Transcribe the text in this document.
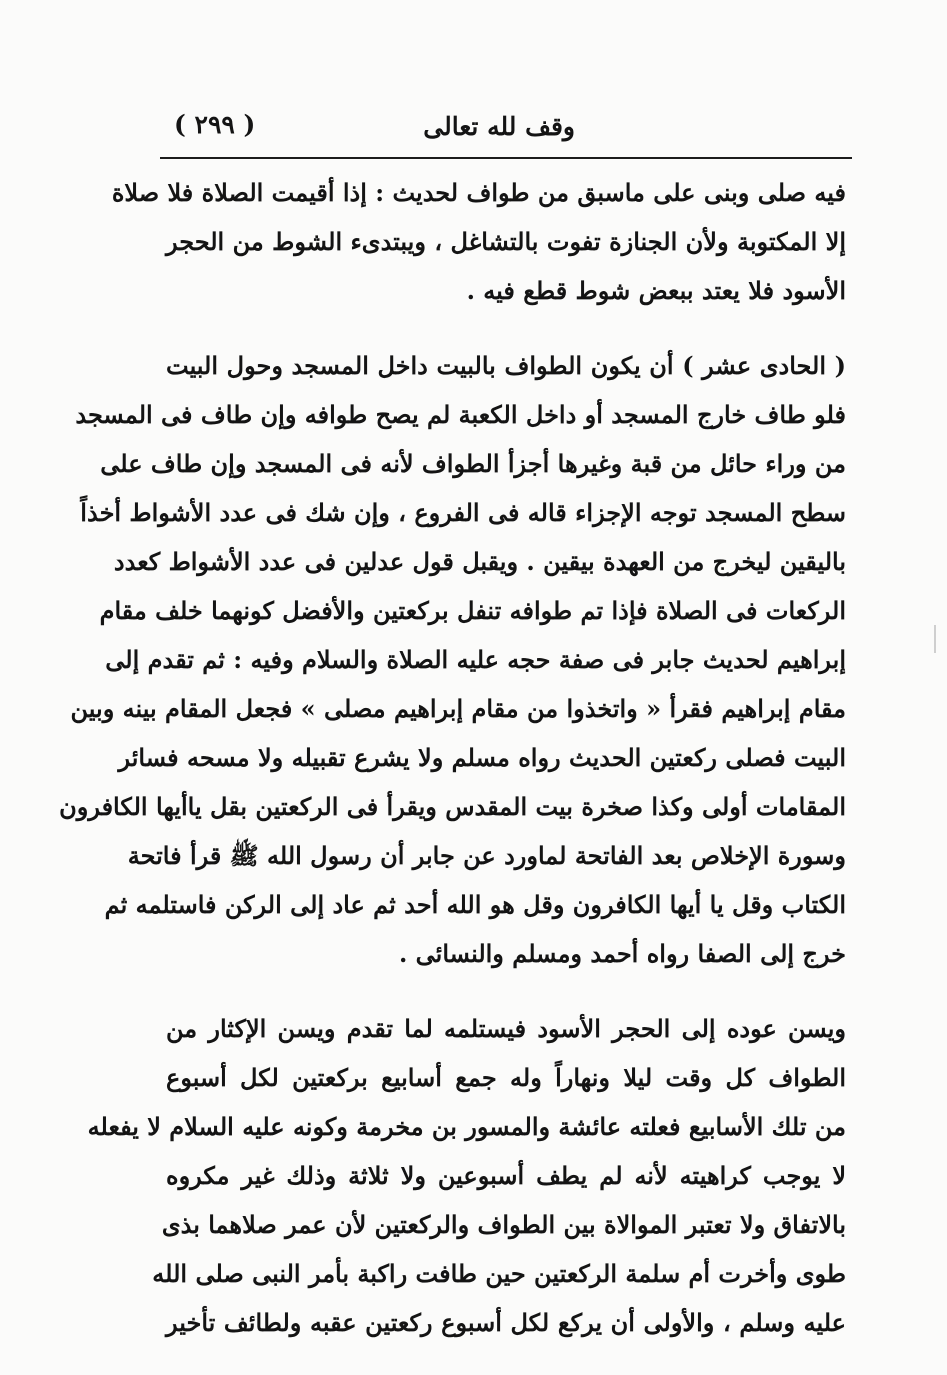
وقف لله تعالى
( ٢٩٩ )
فيه صلى وبنى على ماسبق من طواف لحديث : إذا أقيمت الصلاة فلا صلاة
إلا المكتوبة ولأن الجنازة تفوت بالتشاغل ، ويبتدىء الشوط من الحجر
الأسود فلا يعتد ببعض شوط قطع فيه .
( الحادى عشر ) أن يكون الطواف بالبيت داخل المسجد وحول البيت
فلو طاف خارج المسجد أو داخل الكعبة لم يصح طوافه وإن طاف فى المسجد
من وراء حائل من قبة وغيرها أجزأ الطواف لأنه فى المسجد وإن طاف على
سطح المسجد توجه الإجزاء قاله فى الفروع ، وإن شك فى عدد الأشواط أخذاً
باليقين ليخرج من العهدة بيقين . ويقبل قول عدلين فى عدد الأشواط كعدد
الركعات فى الصلاة فإذا تم طوافه تنفل بركعتين والأفضل كونهما خلف مقام
إبراهيم لحديث جابر فى صفة حجه عليه الصلاة والسلام وفيه : ثم تقدم إلى
مقام إبراهيم فقرأ « واتخذوا من مقام إبراهيم مصلى » فجعل المقام بينه وبين
البيت فصلى ركعتين الحديث رواه مسلم ولا يشرع تقبيله ولا مسحه فسائر
المقامات أولى وكذا صخرة بيت المقدس ويقرأ فى الركعتين بقل ياأيها الكافرون
وسورة الإخلاص بعد الفاتحة لماورد عن جابر أن رسول الله ﷺ قرأ فاتحة
الكتاب وقل يا أيها الكافرون وقل هو الله أحد ثم عاد إلى الركن فاستلمه ثم
خرج إلى الصفا رواه أحمد ومسلم والنسائى .
ويسن عوده إلى الحجر الأسود فيستلمه لما تقدم ويسن الإكثار من
الطواف كل وقت ليلا ونهاراً وله جمع أسابيع بركعتين لكل أسبوع
من تلك الأسابيع فعلته عائشة والمسور بن مخرمة وكونه عليه السلام لا يفعله
لا يوجب كراهيته لأنه لم يطف أسبوعين ولا ثلاثة وذلك غير مكروه
بالاتفاق ولا تعتبر الموالاة بين الطواف والركعتين لأن عمر صلاهما بذى
طوى وأخرت أم سلمة الركعتين حين طافت راكبة بأمر النبى صلى الله
عليه وسلم ، والأولى أن يركع لكل أسبوع ركعتين عقبه ولطائف تأخير
